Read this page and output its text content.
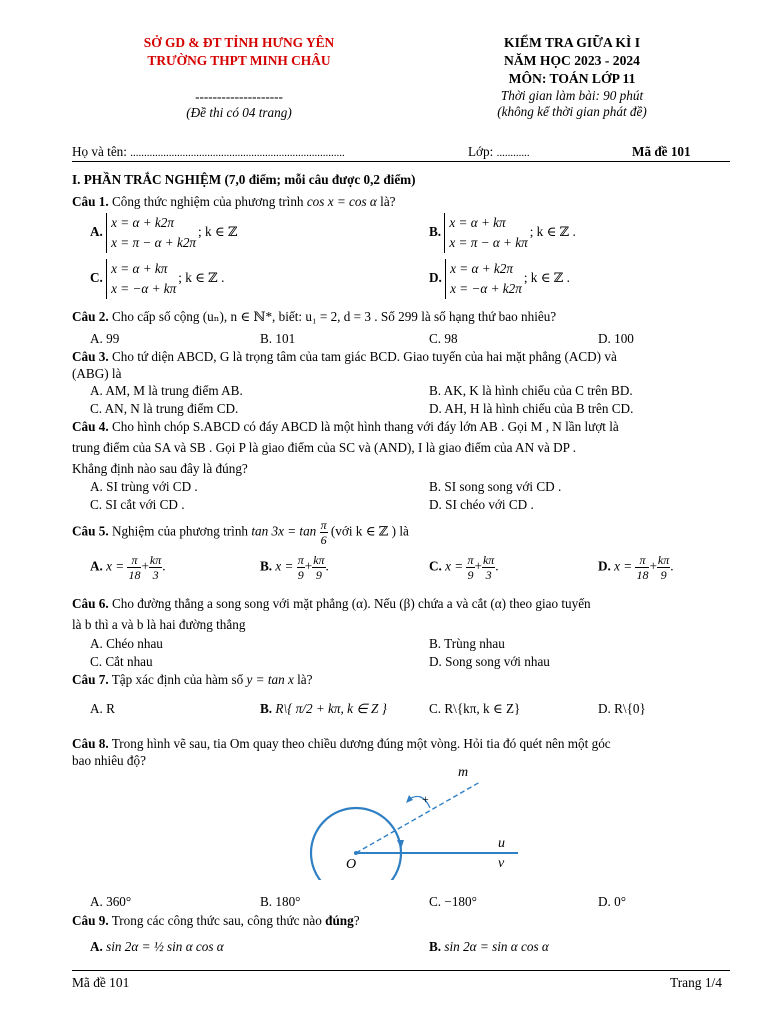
SỞ GD & ĐT TỈNH HƯNG YÊN
TRƯỜNG THPT MINH CHÂU
--------------------
(Đề thi có 04 trang)
KIỂM TRA GIỮA KÌ I
NĂM HỌC 2023 - 2024
MÔN: TOÁN LỚP 11
Thời gian làm bài: 90 phút
(không kể thời gian phát đề)
Họ và tên: ..............................................................................	Lớp: ............	Mã đề 101
I. PHẦN TRẮC NGHIỆM (7,0 điểm; mỗi câu được 0,2 điểm)
Câu 1. Công thức nghiệm của phương trình cos x = cos α là?
A.
x = α + k2π
x = π − α + k2π
; k ∈ ℤ	B.
x = α + kπ
x = π − α + kπ
; k ∈ ℤ .
C.
x = α + kπ
x = −α + kπ
; k ∈ ℤ .	D.
x = α + k2π
x = −α + k2π
; k ∈ ℤ .
Câu 2. Cho cấp số cộng (uₙ), n ∈ ℕ*, biết: u₁ = 2, d = 3 . Số 299 là số hạng thứ bao nhiêu?
A. 99	B. 101	C. 98	D. 100
Câu 3. Cho tứ diện ABCD, G là trọng tâm của tam giác BCD. Giao tuyến của hai mặt phẳng (ACD) và
(ABG) là
A. AM, M là trung điểm AB.	B. AK, K là hình chiếu của C trên BD.
C. AN, N là trung điểm CD.	D. AH, H là hình chiếu của B trên CD.
Câu 4. Cho hình chóp S.ABCD có đáy ABCD là một hình thang với đáy lớn AB . Gọi M , N lần lượt là
trung điểm của SA và SB . Gọi P là giao điểm của SC và (AND), I là giao điểm của AN và DP .
Khẳng định nào sau đây là đúng?
A. SI trùng với CD .	B. SI song song với CD .
C. SI cắt với CD .	D. SI chéo với CD .
Câu 5. Nghiệm của phương trình $\tan 3x = \tan \frac{\pi}{6}$ (với k ∈ ℤ ) là
A. $x = \frac{\pi}{18} + \frac{k\pi}{3}$ .	B. $x = \frac{\pi}{9} + \frac{k\pi}{9}$ .	C. $x = \frac{\pi}{9} + \frac{k\pi}{3}$ .	D. $x = \frac{\pi}{18} + \frac{k\pi}{9}$ .
Câu 6. Cho đường thẳng a song song với mặt phẳng (α). Nếu (β) chứa a và cắt (α) theo giao tuyến
là b thì a và b là hai đường thẳng
A. Chéo nhau	B. Trùng nhau
C. Cắt nhau	D. Song song với nhau
Câu 7. Tập xác định của hàm số y = tan x là?
A. R	B. R\{ π/2 + kπ, k ∈ Z }	C. R\{kπ, k ∈ Z}	D. R\{0}
Câu 8. Trong hình vẽ sau, tia Om quay theo chiều dương đúng một vòng. Hỏi tia đó quét nên một góc
bao nhiêu độ?
m
+
u
v
O
A. 360°	B. 180°	C. −180°	D. 0°
Câu 9. Trong các công thức sau, công thức nào đúng?
A. sin 2α = ½ sin α cos α	B. sin 2α = sin α cos α
Mã đề 101	Trang 1/4
